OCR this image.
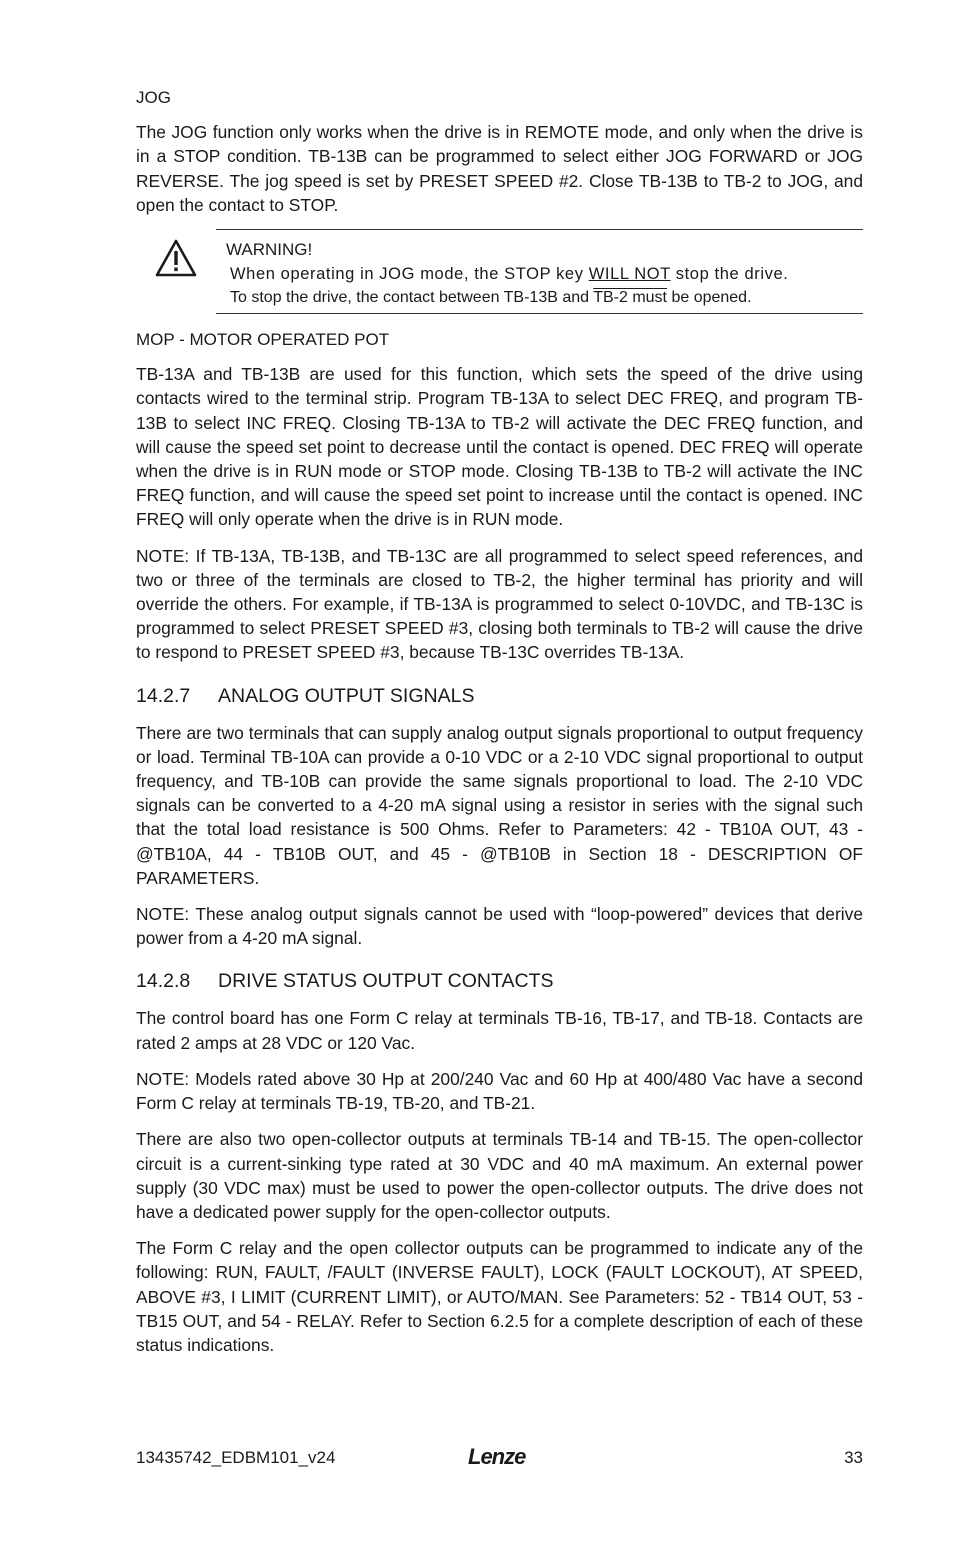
JOG

The JOG function only works when the drive is in REMOTE mode, and only when the drive is in a STOP condition. TB-13B can be programmed to select either JOG FORWARD or JOG REVERSE. The jog speed is set by PRESET SPEED #2. Close TB-13B to TB-2 to JOG, and open the contact to STOP.

WARNING!
When operating in JOG mode, the STOP key WILL NOT stop the drive.
To stop the drive, the contact between TB-13B and TB-2 must be opened.
MOP - MOTOR OPERATED POT

TB-13A and TB-13B are used for this function, which sets the speed of the drive using contacts wired to the terminal strip. Program TB-13A to select DEC FREQ, and program TB-13B to select INC FREQ. Closing TB-13A to TB-2 will activate the DEC FREQ function, and will cause the speed set point to decrease until the contact is opened. DEC FREQ will operate when the drive is in RUN mode or STOP mode. Closing TB-13B to TB-2 will activate the INC FREQ function, and will cause the speed set point to increase until the contact is opened. INC FREQ will only operate when the drive is in RUN mode.

NOTE: If TB-13A, TB-13B, and TB-13C are all programmed to select speed references, and two or three of the terminals are closed to TB-2, the higher terminal has priority and will override the others. For example, if TB-13A is programmed to select 0-10VDC, and TB-13C is programmed to select PRESET SPEED #3, closing both terminals to TB-2 will cause the drive to respond to PRESET SPEED #3, because TB-13C overrides TB-13A.

14.2.7 ANALOG OUTPUT SIGNALS

There are two terminals that can supply analog output signals proportional to output frequency or load. Terminal TB-10A can provide a 0-10 VDC or a 2-10 VDC signal proportional to output frequency, and TB-10B can provide the same signals proportional to load. The 2-10 VDC signals can be converted to a 4-20 mA signal using a resistor in series with the signal such that the total load resistance is 500 Ohms. Refer to Parameters: 42 - TB10A OUT, 43 - @TB10A, 44 - TB10B OUT, and 45 - @TB10B in Section 18 - DESCRIPTION OF PARAMETERS.

NOTE: These analog output signals cannot be used with “loop-powered” devices that derive power from a 4-20 mA signal.

14.2.8 DRIVE STATUS OUTPUT CONTACTS

The control board has one Form C relay at terminals TB-16, TB-17, and TB-18. Contacts are rated 2 amps at 28 VDC or 120 Vac.

NOTE: Models rated above 30 Hp at 200/240 Vac and 60 Hp at 400/480 Vac have a second Form C relay at terminals TB-19, TB-20, and TB-21.

There are also two open-collector outputs at terminals TB-14 and TB-15. The open-collector circuit is a current-sinking type rated at 30 VDC and 40 mA maximum. An external power supply (30 VDC max) must be used to power the open-collector outputs. The drive does not have a dedicated power supply for the open-collector outputs.

The Form C relay and the open collector outputs can be programmed to indicate any of the following: RUN, FAULT, /FAULT (INVERSE FAULT), LOCK (FAULT LOCKOUT), AT SPEED, ABOVE #3, I LIMIT (CURRENT LIMIT), or AUTO/MAN. See Parameters: 52 - TB14 OUT, 53 - TB15 OUT, and 54 - RELAY. Refer to Section 6.2.5 for a complete description of each of these status indications.

13435742_EDBM101_v24	Lenze	33
